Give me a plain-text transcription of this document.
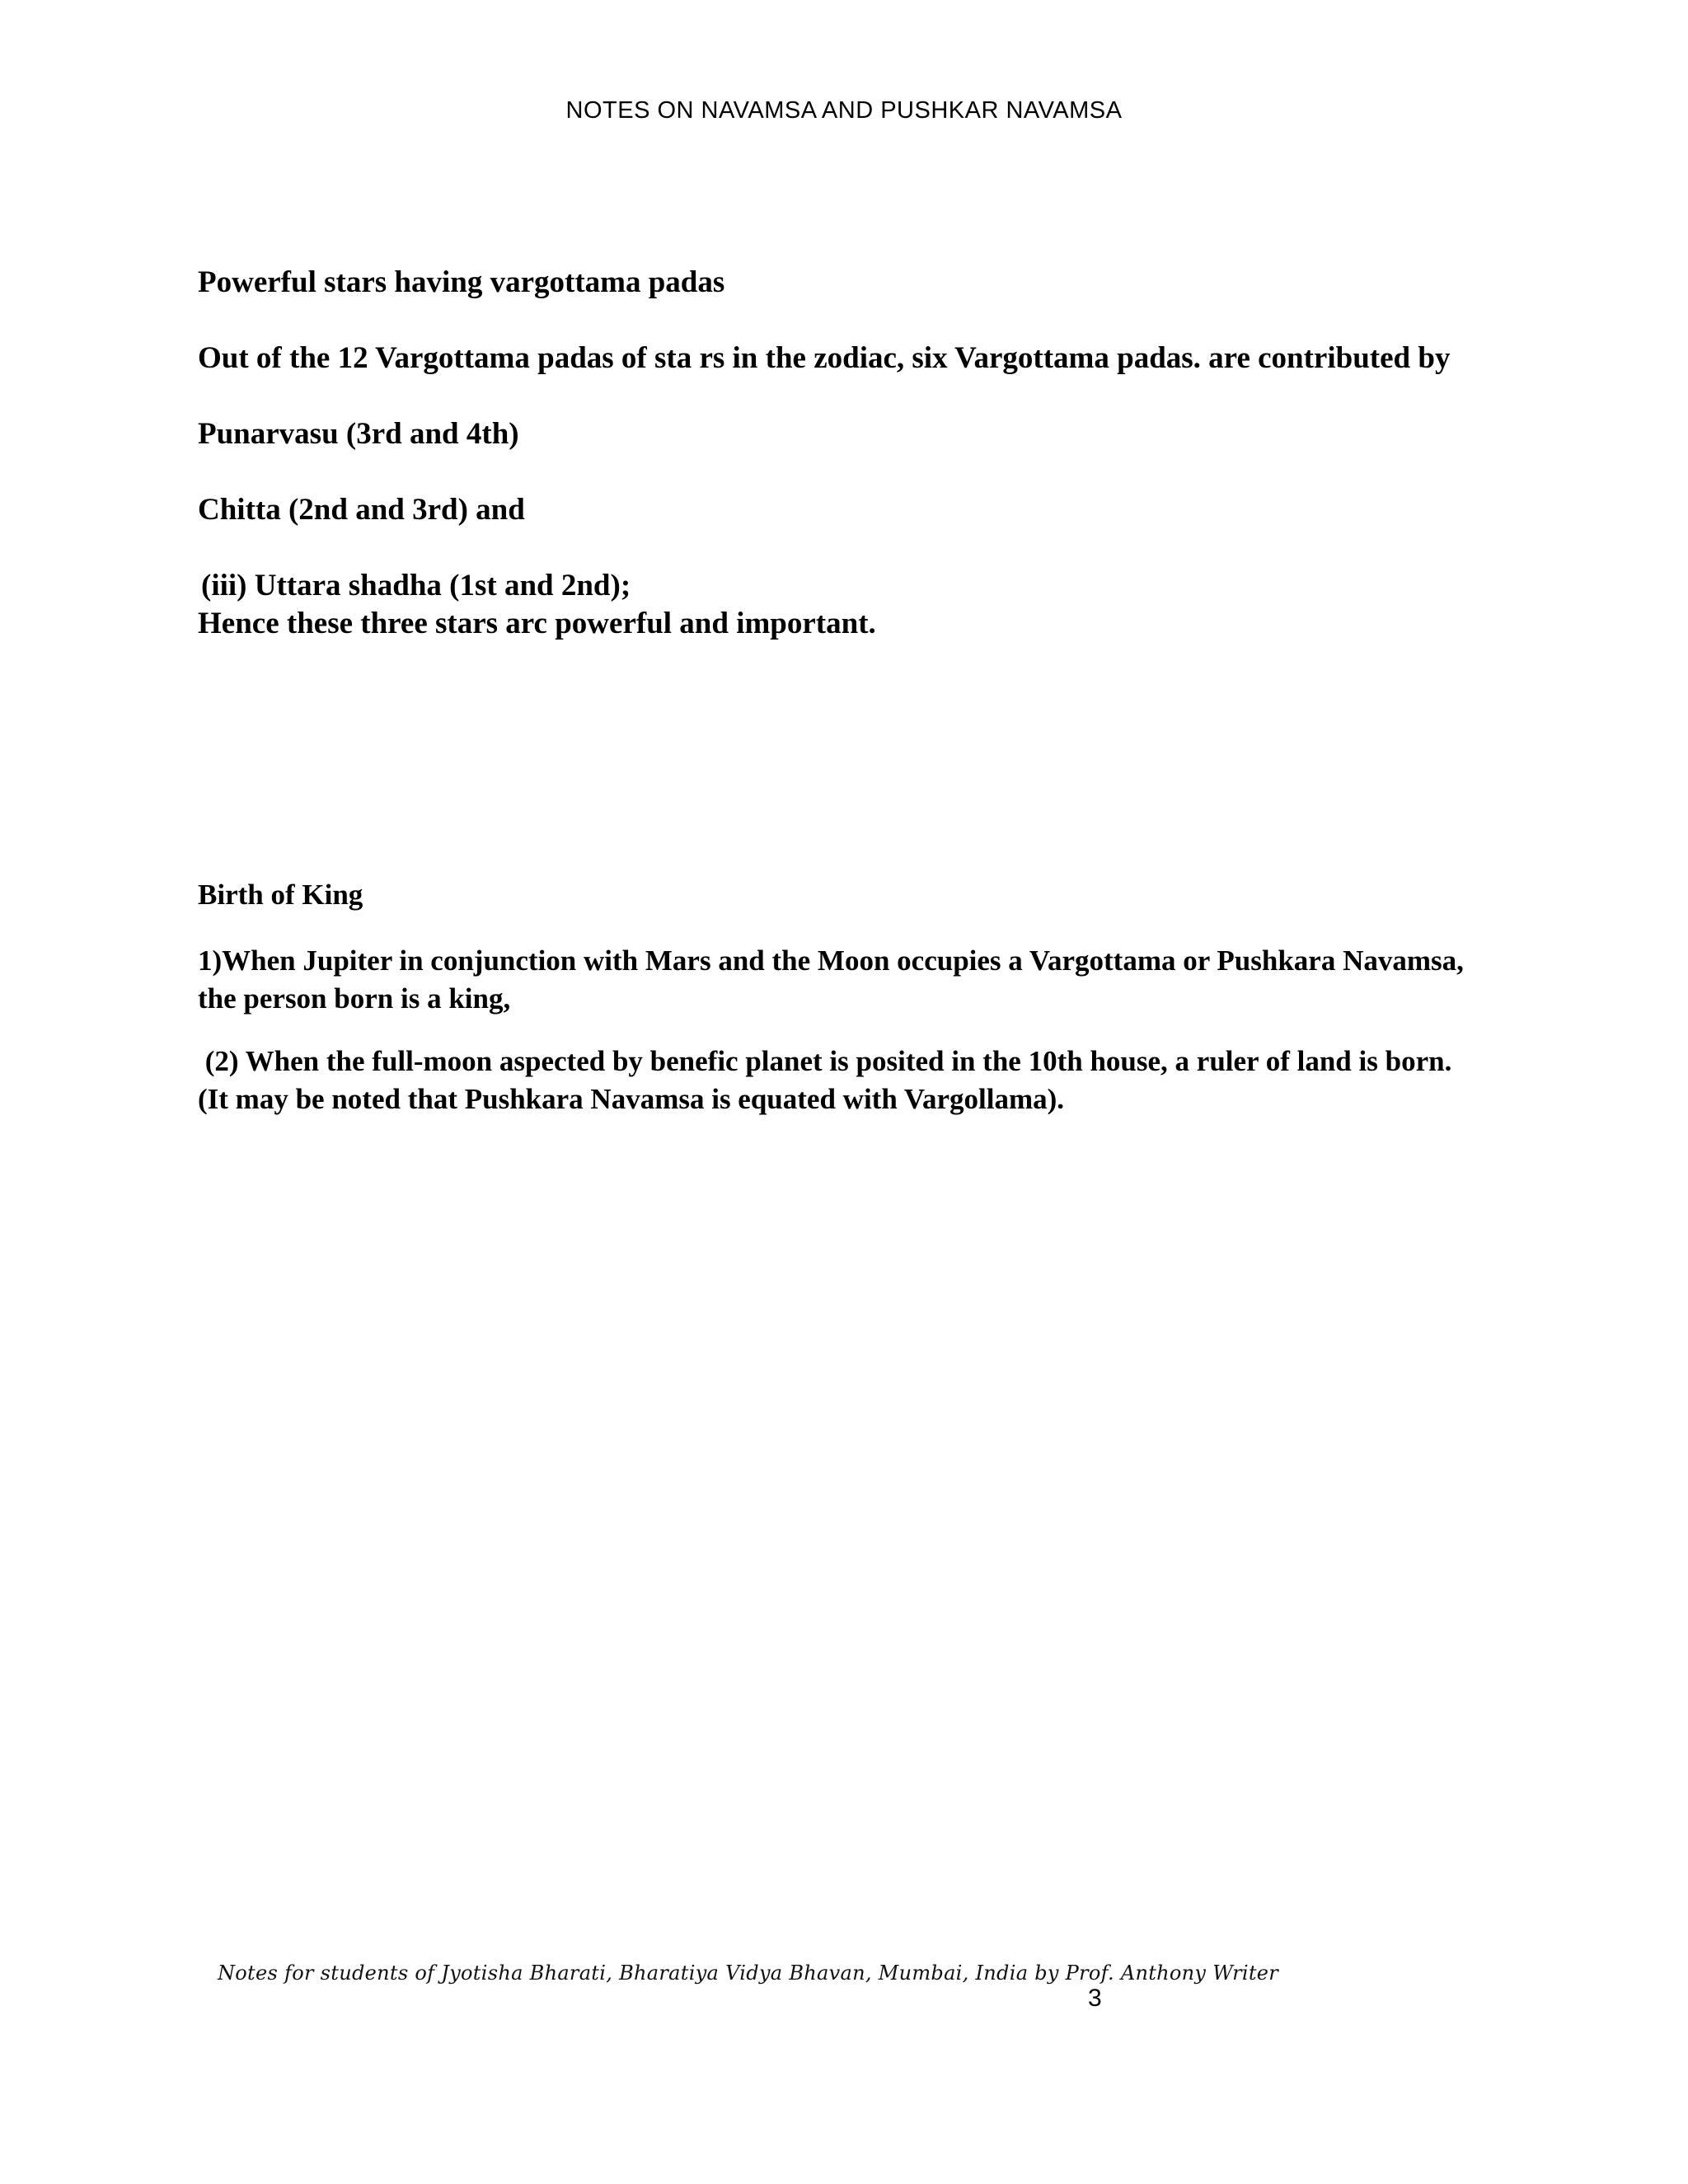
NOTES ON NAVAMSA AND PUSHKAR NAVAMSA

Powerful stars having vargottama padas

Out of the 12 Vargottama padas of sta rs in the zodiac, six Vargottama padas. are contributed by

Punarvasu (3rd and 4th)

Chitta (2nd and 3rd) and

(iii) Uttara shadha (1st and 2nd);

Hence these three stars arc powerful and important.

Birth of King

1)When Jupiter in conjunction with Mars and the Moon occupies a Vargottama or Pushkara Navamsa, the person born is a king,

(2) When the full-moon aspected by benefic planet is posited in the 10th house, a ruler of land is born. (It may be noted that Pushkara Navamsa is equated with Vargollama).

Notes for students of Jyotisha Bharati, Bharatiya Vidya Bhavan, Mumbai, India by Prof. Anthony Writer
3
